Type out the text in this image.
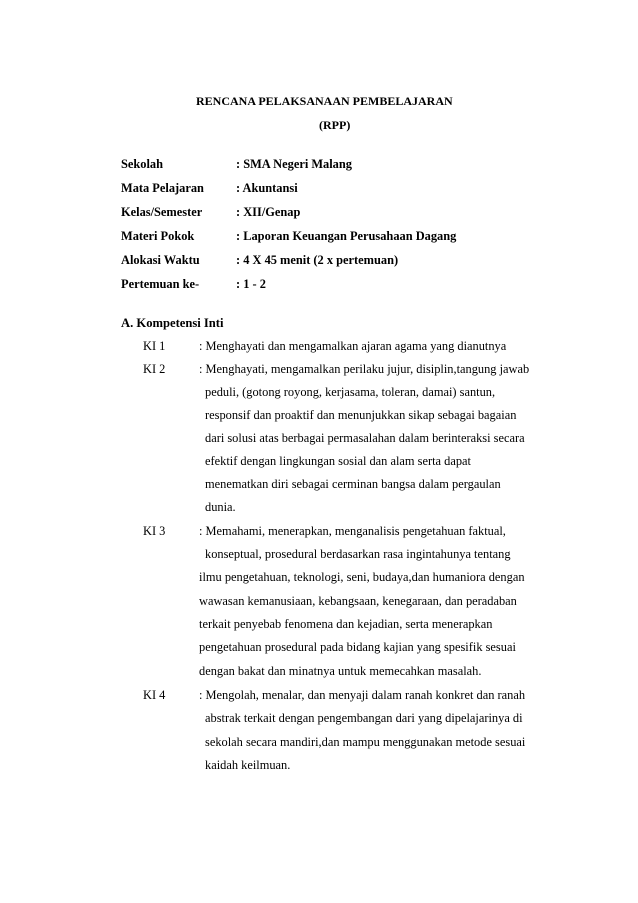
RENCANA PELAKSANAAN PEMBELAJARAN
(RPP)
Sekolah	: SMA Negeri Malang
Mata Pelajaran	: Akuntansi
Kelas/Semester	: XII/Genap
Materi Pokok	: Laporan Keuangan Perusahaan Dagang
Alokasi Waktu	: 4 X 45 menit (2 x pertemuan)
Pertemuan ke-	: 1 - 2
A. Kompetensi Inti
KI 1	: Menghayati dan mengamalkan ajaran agama yang dianutnya
KI 2	: Menghayati, mengamalkan perilaku jujur, disiplin,tangung jawab
peduli, (gotong royong, kerjasama, toleran, damai) santun,
responsif dan proaktif dan menunjukkan sikap sebagai bagaian
dari solusi atas berbagai permasalahan dalam berinteraksi secara
efektif dengan lingkungan sosial dan alam serta dapat
menematkan diri sebagai cerminan bangsa dalam pergaulan
dunia.
KI 3	: Memahami, menerapkan, menganalisis pengetahuan faktual,
konseptual, prosedural berdasarkan rasa ingintahunya tentang
ilmu pengetahuan, teknologi, seni, budaya,dan humaniora dengan
wawasan kemanusiaan, kebangsaan, kenegaraan, dan peradaban
terkait penyebab fenomena dan kejadian, serta menerapkan
pengetahuan prosedural pada bidang kajian yang spesifik sesuai
dengan bakat dan minatnya untuk memecahkan masalah.
KI 4	: Mengolah, menalar, dan menyaji dalam ranah konkret dan ranah
abstrak terkait dengan pengembangan dari yang dipelajarinya di
sekolah secara mandiri,dan mampu menggunakan metode sesuai
kaidah keilmuan.
